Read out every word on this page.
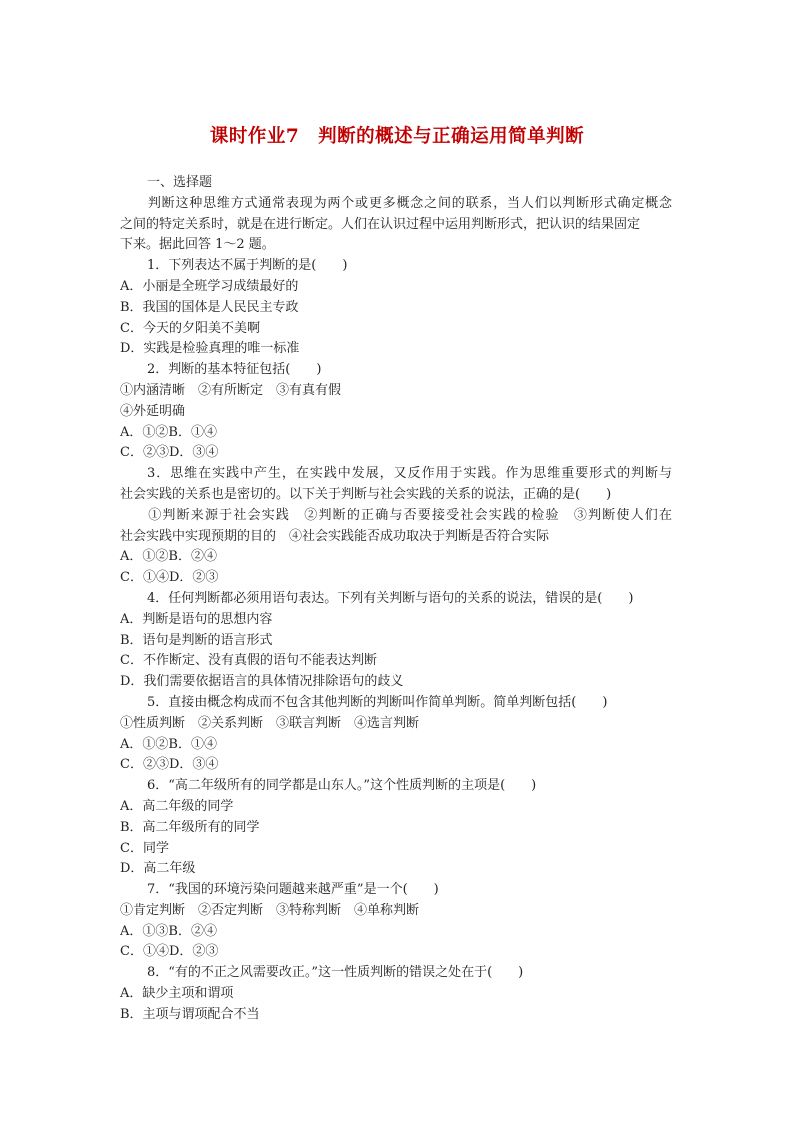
课时作业7　判断的概述与正确运用简单判断
一、选择题
判断这种思维方式通常表现为两个或更多概念之间的联系，当人们以判断形式确定概念
之间的特定关系时，就是在进行断定。人们在认识过程中运用判断形式，把认识的结果固定
下来。据此回答 1～2 题。
1．下列表达不属于判断的是(　　)
A．小丽是全班学习成绩最好的
B．我国的国体是人民民主专政
C．今天的夕阳美不美啊
D．实践是检验真理的唯一标准
2．判断的基本特征包括(　　)
①内涵清晰　②有所断定　③有真有假
④外延明确
A．①②B．①④
C．②③D．③④
3．思维在实践中产生，在实践中发展，又反作用于实践。作为思维重要形式的判断与
社会实践的关系也是密切的。以下关于判断与社会实践的关系的说法，正确的是(　　)
①判断来源于社会实践　②判断的正确与否要接受社会实践的检验　③判断使人们在
社会实践中实现预期的目的　④社会实践能否成功取决于判断是否符合实际
A．①②B．②④
C．①④D．②③
4．任何判断都必须用语句表达。下列有关判断与语句的关系的说法，错误的是(　　)
A．判断是语句的思想内容
B．语句是判断的语言形式
C．不作断定、没有真假的语句不能表达判断
D．我们需要依据语言的具体情况排除语句的歧义
5．直接由概念构成而不包含其他判断的判断叫作简单判断。简单判断包括(　　)
①性质判断　②关系判断　③联言判断　④选言判断
A．①②B．①④
C．②③D．③④
6．“高二年级所有的同学都是山东人。”这个性质判断的主项是(　　)
A．高二年级的同学
B．高二年级所有的同学
C．同学
D．高二年级
7．“我国的环境污染问题越来越严重”是一个(　　)
①肯定判断　②否定判断　③特称判断　④单称判断
A．①③B．②④
C．①④D．②③
8．“有的不正之风需要改正。”这一性质判断的错误之处在于(　　)
A．缺少主项和谓项
B．主项与谓项配合不当
